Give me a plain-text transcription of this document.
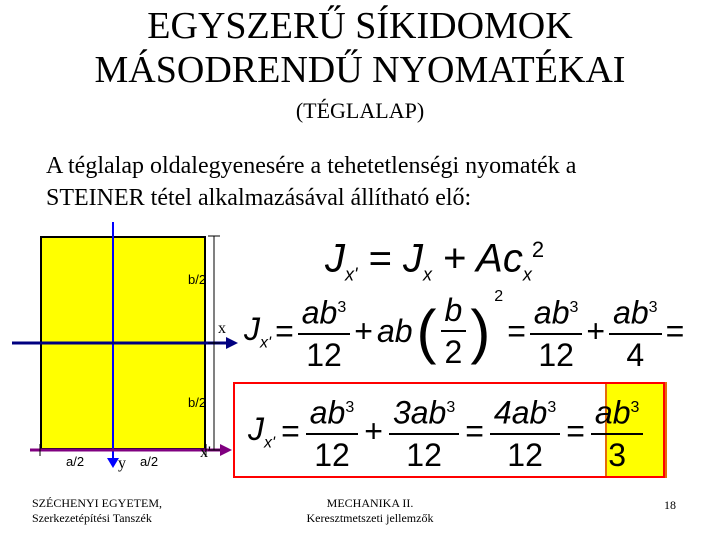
EGYSZERŰ SÍKIDOMOK
MÁSODRENDŰ NYOMATÉKAI
(TÉGLALAP)
A téglalap oldalegyenesére a tehetetlenségi nyomaték a
STEINER tétel alkalmazásával állítható elő:
b/2
b/2
a/2	a/2
x
y
x'
$J_{x'} = J_x + Ac_x^2$
$J_{x'} = \frac{ab^3}{12}$ + ab ( $\frac{b}{2}$ )
$^2$
= $\frac{ab^3}{12} + \frac{ab^3}{4}$ =
$J_{x'} = \frac{ab^3}{12} + \frac{3ab^3}{12} = \frac{4ab^3}{12} = \frac{ab^3}{3}$
SZÉCHENYI EGYETEM,
Szerkezetépítési Tanszék
MECHANIKA II.
Keresztmetszeti jellemzők
18
